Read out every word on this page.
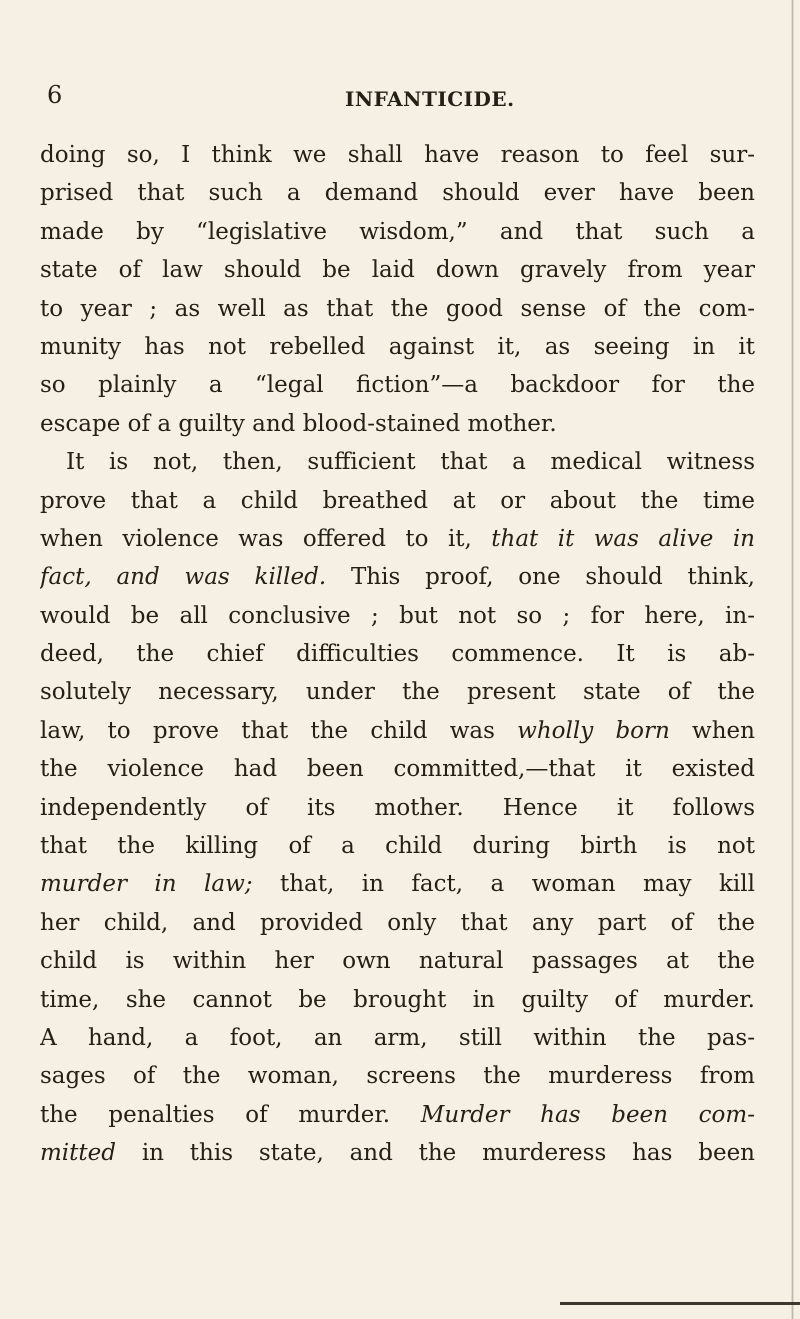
6	INFANTICIDE.
doing so, I think we shall have reason to feel sur-
prised that such a demand should ever have been
made by “legislative wisdom,” and that such a
state of law should be laid down gravely from year
to year ; as well as that the good sense of the com-
munity has not rebelled against it, as seeing in it
so plainly a “legal fiction”—a backdoor for the
escape of a guilty and blood-stained mother.
It is not, then, sufficient that a medical witness
prove that a child breathed at or about the time
when violence was offered to it, that it was alive in
fact, and was killed. This proof, one should think,
would be all conclusive ; but not so ; for here, in-
deed, the chief difficulties commence. It is ab-
solutely necessary, under the present state of the
law, to prove that the child was wholly born when
the violence had been committed,—that it existed
independently of its mother. Hence it follows
that the killing of a child during birth is not
murder in law; that, in fact, a woman may kill
her child, and provided only that any part of the
child is within her own natural passages at the
time, she cannot be brought in guilty of murder.
A hand, a foot, an arm, still within the pas-
sages of the woman, screens the murderess from
the penalties of murder. Murder has been com-
mitted in this state, and the murderess has been
